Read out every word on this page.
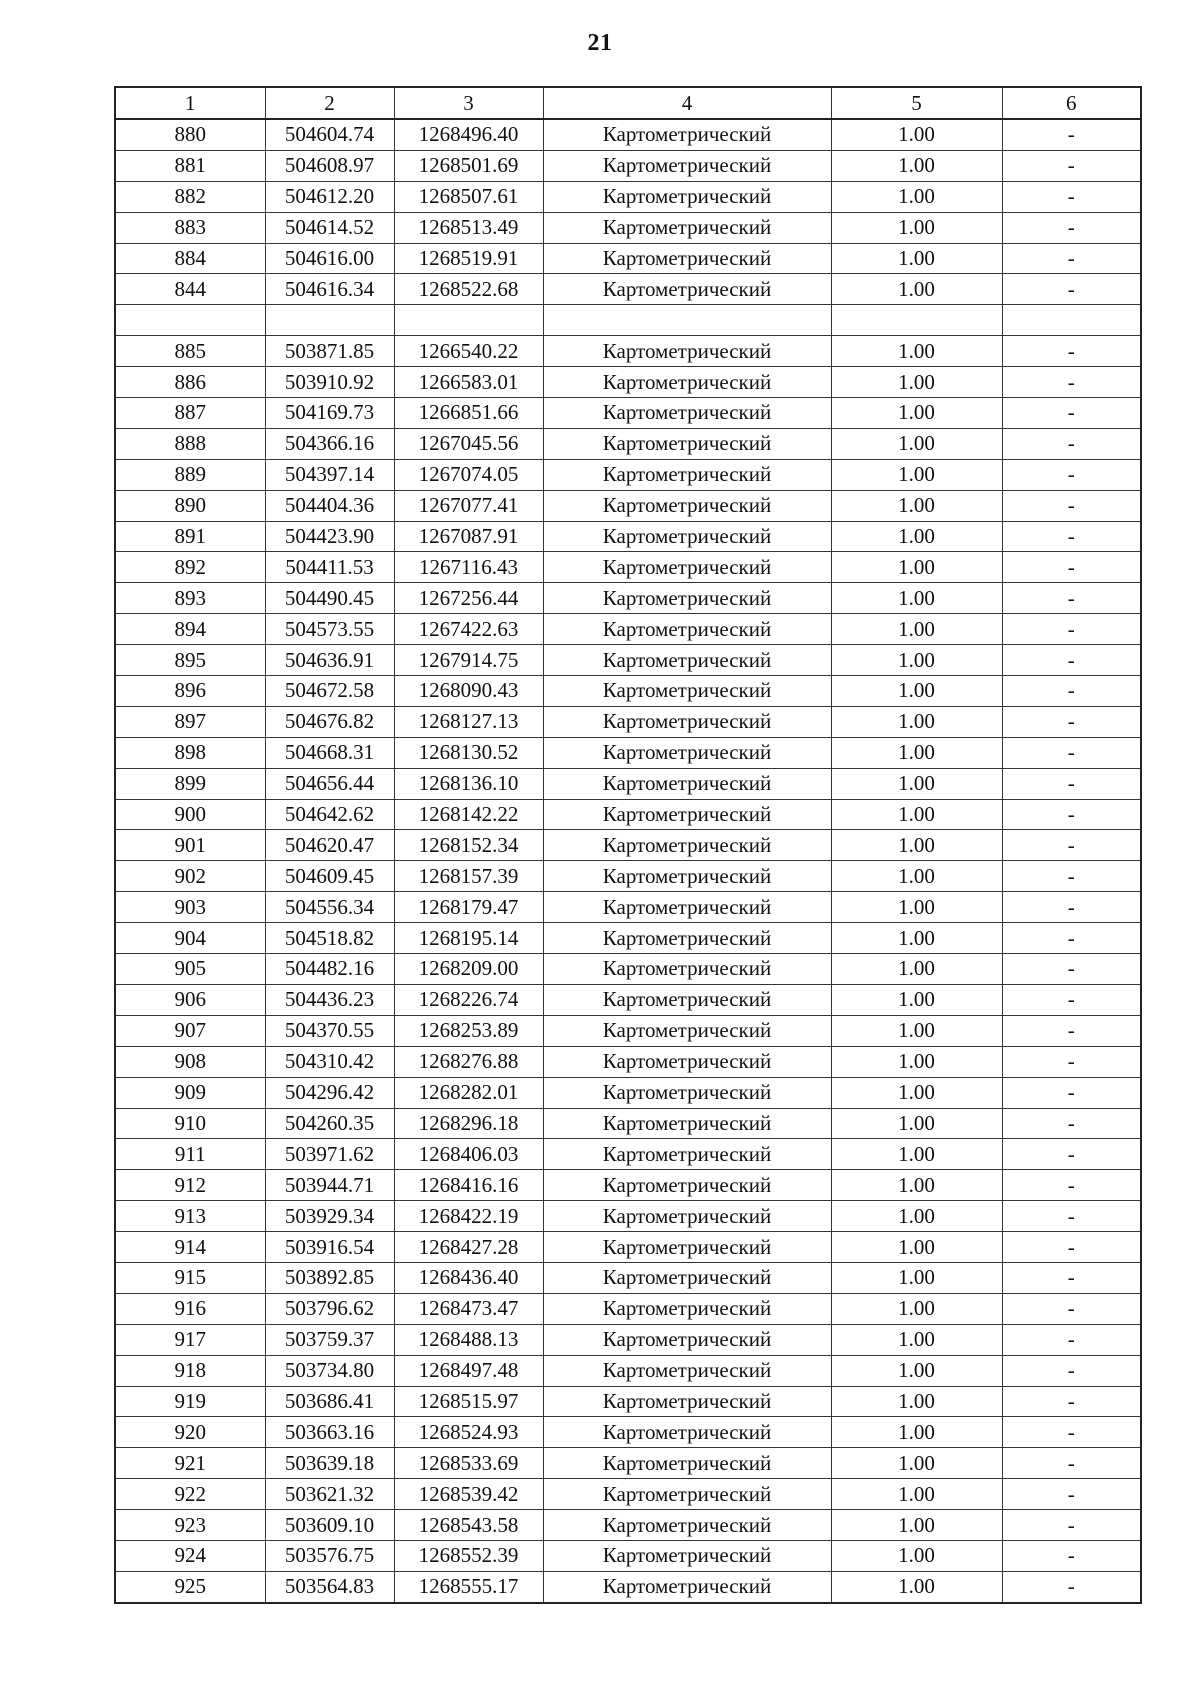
21
1	2	3	4	5	6
880	504604.74	1268496.40	Картометрический	1.00	-
881	504608.97	1268501.69	Картометрический	1.00	-
882	504612.20	1268507.61	Картометрический	1.00	-
883	504614.52	1268513.49	Картометрический	1.00	-
884	504616.00	1268519.91	Картометрический	1.00	-
844	504616.34	1268522.68	Картометрический	1.00	-

885	503871.85	1266540.22	Картометрический	1.00	-
886	503910.92	1266583.01	Картометрический	1.00	-
887	504169.73	1266851.66	Картометрический	1.00	-
888	504366.16	1267045.56	Картометрический	1.00	-
889	504397.14	1267074.05	Картометрический	1.00	-
890	504404.36	1267077.41	Картометрический	1.00	-
891	504423.90	1267087.91	Картометрический	1.00	-
892	504411.53	1267116.43	Картометрический	1.00	-
893	504490.45	1267256.44	Картометрический	1.00	-
894	504573.55	1267422.63	Картометрический	1.00	-
895	504636.91	1267914.75	Картометрический	1.00	-
896	504672.58	1268090.43	Картометрический	1.00	-
897	504676.82	1268127.13	Картометрический	1.00	-
898	504668.31	1268130.52	Картометрический	1.00	-
899	504656.44	1268136.10	Картометрический	1.00	-
900	504642.62	1268142.22	Картометрический	1.00	-
901	504620.47	1268152.34	Картометрический	1.00	-
902	504609.45	1268157.39	Картометрический	1.00	-
903	504556.34	1268179.47	Картометрический	1.00	-
904	504518.82	1268195.14	Картометрический	1.00	-
905	504482.16	1268209.00	Картометрический	1.00	-
906	504436.23	1268226.74	Картометрический	1.00	-
907	504370.55	1268253.89	Картометрический	1.00	-
908	504310.42	1268276.88	Картометрический	1.00	-
909	504296.42	1268282.01	Картометрический	1.00	-
910	504260.35	1268296.18	Картометрический	1.00	-
911	503971.62	1268406.03	Картометрический	1.00	-
912	503944.71	1268416.16	Картометрический	1.00	-
913	503929.34	1268422.19	Картометрический	1.00	-
914	503916.54	1268427.28	Картометрический	1.00	-
915	503892.85	1268436.40	Картометрический	1.00	-
916	503796.62	1268473.47	Картометрический	1.00	-
917	503759.37	1268488.13	Картометрический	1.00	-
918	503734.80	1268497.48	Картометрический	1.00	-
919	503686.41	1268515.97	Картометрический	1.00	-
920	503663.16	1268524.93	Картометрический	1.00	-
921	503639.18	1268533.69	Картометрический	1.00	-
922	503621.32	1268539.42	Картометрический	1.00	-
923	503609.10	1268543.58	Картометрический	1.00	-
924	503576.75	1268552.39	Картометрический	1.00	-
925	503564.83	1268555.17	Картометрический	1.00	-
